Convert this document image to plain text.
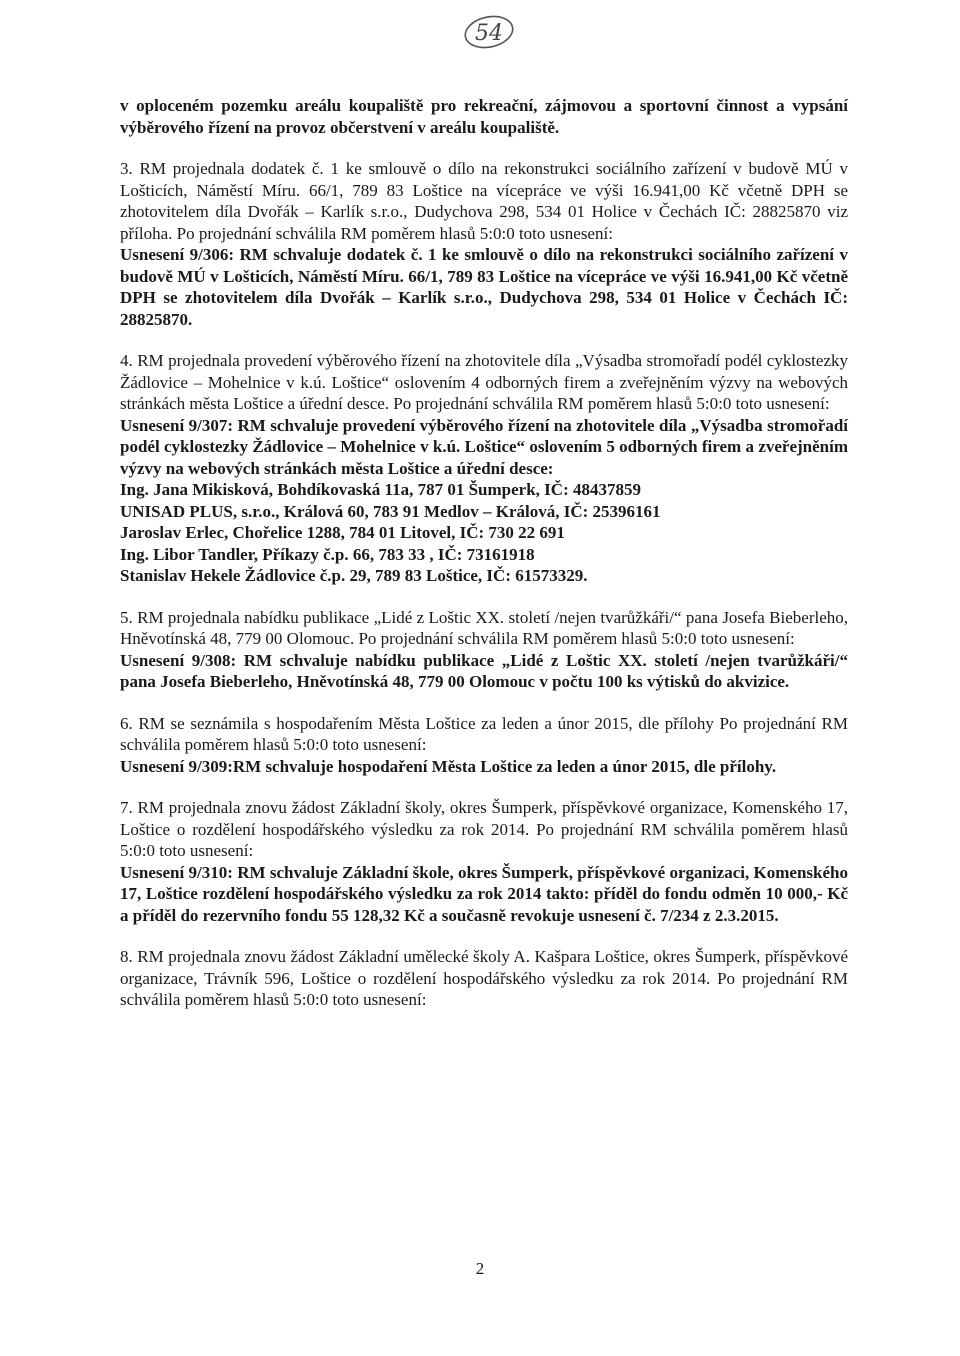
54

v oploceném pozemku areálu koupaliště pro rekreační, zájmovou a sportovní činnost a vypsání výběrového řízení na provoz občerstvení v areálu koupaliště.

3. RM projednala dodatek č. 1 ke smlouvě o dílo na rekonstrukci sociálního zařízení v budově MÚ v Lošticích, Náměstí Míru. 66/1, 789 83 Loštice na vícepráce ve výši 16.941,00 Kč včetně DPH se zhotovitelem díla Dvořák – Karlík s.r.o., Dudychova 298, 534 01 Holice v Čechách IČ: 28825870 viz příloha. Po projednání schválila RM poměrem hlasů 5:0:0 toto usnesení:

Usnesení 9/306: RM schvaluje dodatek č. 1 ke smlouvě o dílo na rekonstrukci sociálního zařízení v budově MÚ v Lošticích, Náměstí Míru. 66/1, 789 83 Loštice na vícepráce ve výši 16.941,00 Kč včetně DPH se zhotovitelem díla Dvořák – Karlík s.r.o., Dudychova 298, 534 01 Holice v Čechách IČ: 28825870.

4. RM projednala provedení výběrového řízení na zhotovitele díla „Výsadba stromořadí podél cyklostezky Žádlovice – Mohelnice v k.ú. Loštice“ oslovením 4 odborných firem a zveřejněním výzvy na webových stránkách města Loštice a úřední desce. Po projednání schválila RM poměrem hlasů 5:0:0 toto usnesení:

Usnesení 9/307: RM schvaluje provedení výběrového řízení na zhotovitele díla „Výsadba stromořadí podél cyklostezky Žádlovice – Mohelnice v k.ú. Loštice“ oslovením 5 odborných firem a zveřejněním výzvy na webových stránkách města Loštice a úřední desce:

Ing. Jana Mikisková, Bohdíkovaská 11a, 787 01 Šumperk, IČ: 48437859

UNISAD PLUS, s.r.o., Králová 60, 783 91 Medlov – Králová, IČ: 25396161

Jaroslav Erlec, Chořelice 1288, 784 01 Litovel, IČ: 730 22 691

Ing. Libor Tandler, Příkazy č.p. 66, 783 33 , IČ: 73161918

Stanislav Hekele Žádlovice č.p. 29, 789 83 Loštice, IČ: 61573329.

5. RM projednala nabídku publikace „Lidé z Loštic XX. století /nejen tvarůžkáři/“ pana Josefa Bieberleho, Hněvotínská 48, 779 00 Olomouc. Po projednání schválila RM poměrem hlasů 5:0:0 toto usnesení:

Usnesení 9/308: RM schvaluje nabídku publikace „Lidé z Loštic XX. století /nejen tvarůžkáři/“ pana Josefa Bieberleho, Hněvotínská 48, 779 00 Olomouc v počtu 100 ks výtisků do akvizice.

6. RM se seznámila s hospodařením Města Loštice za leden a únor 2015, dle přílohy Po projednání RM schválila poměrem hlasů 5:0:0 toto usnesení:

Usnesení 9/309:RM schvaluje hospodaření Města Loštice za leden a únor 2015, dle přílohy.

7. RM projednala znovu žádost Základní školy, okres Šumperk, příspěvkové organizace, Komenského 17, Loštice o rozdělení hospodářského výsledku za rok 2014. Po projednání RM schválila poměrem hlasů 5:0:0 toto usnesení:

Usnesení 9/310: RM schvaluje Základní škole, okres Šumperk, příspěvkové organizaci, Komenského 17, Loštice rozdělení hospodářského výsledku za rok 2014 takto: příděl do fondu odměn 10 000,- Kč a příděl do rezervního fondu 55 128,32 Kč a současně revokuje usnesení č. 7/234 z 2.3.2015.

8. RM projednala znovu žádost Základní umělecké školy A. Kašpara Loštice, okres Šumperk, příspěvkové organizace, Trávník 596, Loštice o rozdělení hospodářského výsledku za rok 2014. Po projednání RM schválila poměrem hlasů 5:0:0 toto usnesení:

2
